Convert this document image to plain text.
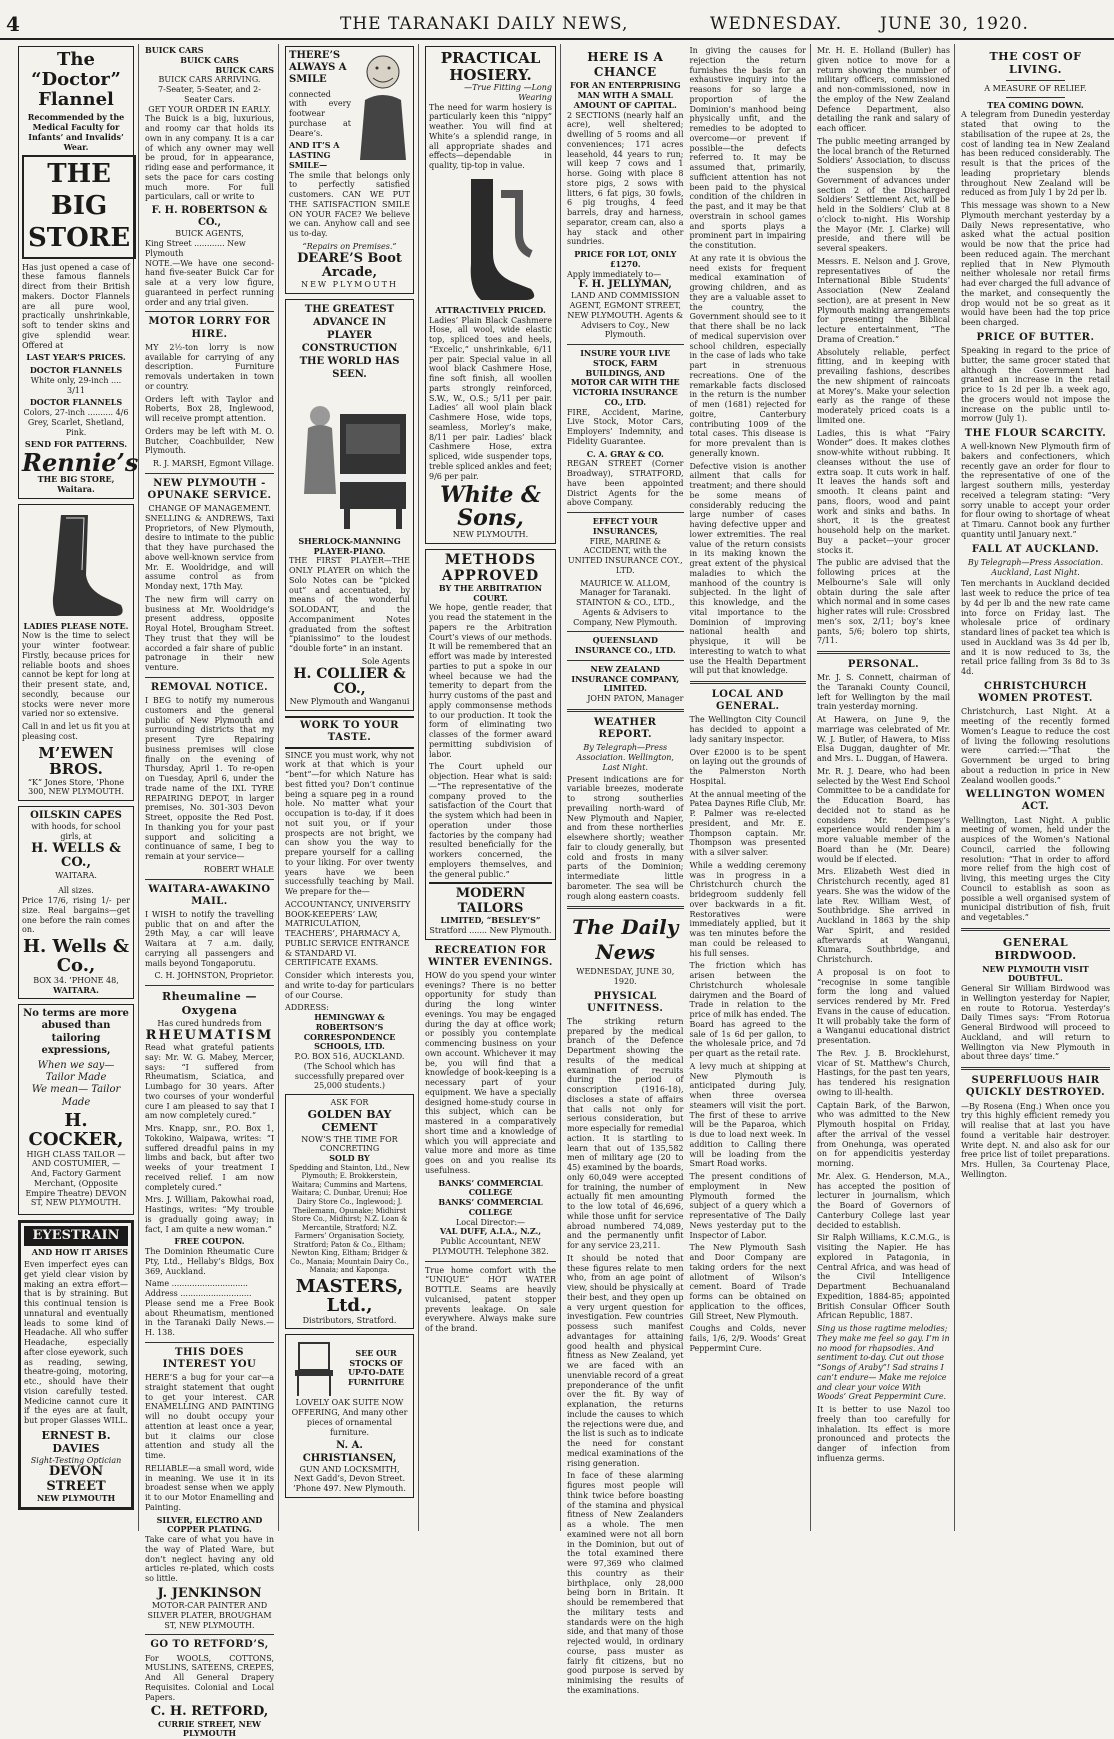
4	THE TARANAKI DAILY NEWS,	WEDNESDAY. JUNE 30, 1920.
The
“Doctor”
Flannel

Recommended by the Medical Faculty for Infants’ and Invalids’ Wear.

THE BIG STORE

Has just opened a case of these famous flannels direct from their British makers. Doctor Flannels are all pure wool, practically unshrinkable, soft to tender skins and give splendid wear. Offered at

LAST YEAR’S PRICES.
DOCTOR FLANNELS
White only, 29-inch .... 3/11
DOCTOR FLANNELS
Colors, 27-inch .......... 4/6
Grey, Scarlet, Shetland, Pink.
SEND FOR PATTERNS.
Rennie’s
THE BIG STORE, Waitara.
LADIES PLEASE NOTE.

Now is the time to select your winter footwear. Firstly, because prices for reliable boots and shoes cannot be kept for long at their present state, and, secondly, because our stocks were never more varied nor so extensive.

Call in and let us fit you at pleasing cost.

M’EWEN BROS.
“K” Jones Store, ’Phone 300, NEW PLYMOUTH.
OILSKIN CAPES
with hoods, for school girls, at
H. WELLS & CO.,
WAITARA.
All sizes.

Price 17/6, rising 1/- per size. Real bargains—get one before the rain comes on.

H. Wells & Co.,
BOX 34. ’PHONE 48,
WAITARA.

No terms are more abused than tailoring expressions,

When we say— Tailor Made
We mean— Tailor Made
H. COCKER,

HIGH CLASS TAILOR — AND COSTUMIER, — And, Factory Garment Merchant, (Opposite Empire Theatre) DEVON ST, NEW PLYMOUTH.

EYESTRAIN
AND HOW IT ARISES

Even imperfect eyes can get yield clear vision by making an extra effort—that is by straining. But this continual tension is unnatural and eventually leads to some kind of Headache. All who suffer Headache, especially after close eyework, such as reading, sewing, theatre-going, motoring, etc., should have their vision carefully tested. Medicine cannot cure it if the eyes are at fault, but proper Glasses WILL.

ERNEST B. DAVIES
Sight-Testing Optician
DEVON STREET
NEW PLYMOUTH
BUICK CARS
BUICK CARS
BUICK CARS
BUICK CARS ARRIVING.
7-Seater, 5-Seater, and 2-Seater Cars.
GET YOUR ORDER IN EARLY.

The Buick is a big, luxurious, and roomy car that holds its own in any company. It is a car of which any owner may well be proud, for in appearance, riding ease and performance, it sets the pace for cars costing much more. For full particulars, call or write to

F. H. ROBERTSON & CO.,
BUICK AGENTS,
King Street ............ New Plymouth

NOTE.—We have one second-hand five-seater Buick Car for sale at a very low figure, guaranteed in perfect running order and any trial given.

MOTOR LORRY FOR HIRE.

MY 2½-ton lorry is now available for carrying of any description. Furniture removals undertaken in town or country.

Orders left with Taylor and Roberts, Box 28, Inglewood, will receive prompt attention.

Orders may be left with M. O. Butcher, Coachbuilder, New Plymouth.

R. J. MARSH, Egmont Village.
NEW PLYMOUTH - OPUNAKE SERVICE.
CHANGE OF MANAGEMENT.

SNELLING & ANDREWS, Taxi Proprietors, of New Plymouth, desire to intimate to the public that they have purchased the above well-known service from Mr. E. Wooldridge, and will assume control as from Monday next, 17th May.

The new firm will carry on business at Mr. Wooldridge’s present address, opposite Royal Hotel, Brougham Street. They trust that they will be accorded a fair share of public patronage in their new venture.

REMOVAL NOTICE.

I BEG to notify my numerous customers and the general public of New Plymouth and surrounding districts that my present Tyre Repairing business premises will close finally on the evening of Thursday, April 1. To re-open on Tuesday, April 6, under the trade name of the IXL TYRE REPAIRING DEPOT, in larger premises, No. 301-303 Devon Street, opposite the Red Post. In thanking you for your past support and soliciting a continuance of same, I beg to remain at your service—

ROBERT WHALE
WAITARA-AWAKINO MAIL.

I WISH to notify the travelling public that on and after the 29th May, a car will leave Waitara at 7 a.m. daily, carrying all passengers and mails beyond Tongaporutu.

C. H. JOHNSTON, Proprietor.
Rheumaline — Oxygena
Has cured hundreds from
RHEUMATISM

Read what grateful patients say: Mr. W. G. Mabey, Mercer, says: “I suffered from Rheumatism, Sciatica, and Lumbago for 30 years. After two courses of your wonderful cure I am pleased to say that I am now completely cured.”

Mrs. Knapp, snr., P.O. Box 1, Tokokino, Waipawa, writes: “I suffered dreadful pains in my limbs and back, but after two weeks of your treatment I received relief. I am now completely cured.”

Mrs. J. William, Pakowhai road, Hastings, writes: “My trouble is gradually going away; in fact, I am quite a new woman.”

FREE COUPON.

The Dominion Rheumatic Cure Pty, Ltd., Hellaby’s Bldgs, Box 369, Auckland.

Name ..............................
Address ............................

Please send me a Free Book about Rheumatism, mentioned in the Taranaki Daily News.—H. 138.

THIS DOES INTEREST YOU

HERE’S a bug for your car—a straight statement that ought to get your interest. CAR ENAMELLING AND PAINTING will no doubt occupy your attention at least once a year, but it claims our close attention and study all the time.

RELIABLE—a small word, wide in meaning. We use it in its broadest sense when we apply it to our Motor Enamelling and Painting.

SILVER, ELECTRO AND COPPER PLATING.

Take care of what you have in the way of Plated Ware, but don’t neglect having any old articles re-plated, which costs so little.

J. JENKINSON

MOTOR-CAR PAINTER AND SILVER PLATER, BROUGHAM ST, NEW PLYMOUTH.

GO TO RETFORD’S,

For WOOLS, COTTONS, MUSLINS, SATEENS, CREPES, And All General Drapery Requisites. Colonial and Local Papers.

C. H. RETFORD,
CURRIE STREET, NEW PLYMOUTH
THERE’S ALWAYS A SMILE

connected with every footwear purchase at Deare’s.

AND IT’S A LASTING SMILE—

The smile that belongs only to perfectly satisfied customers. CAN WE PUT THE SATISFACTION SMILE ON YOUR FACE? We believe we can. Anyhow call and see us to-day.

“Repairs on Premises.”
DEARE’S Boot Arcade,
NEW PLYMOUTH
THE GREATEST ADVANCE IN PLAYER CONSTRUCTION THE WORLD HAS SEEN.
SHERLOCK-MANNING PLAYER-PIANO.

THE FIRST PLAYER—THE ONLY PLAYER on which the Solo Notes can be “picked out” and accentuated, by means of the wonderful SOLODANT, and the Accompaniment Notes graduated from the softest “pianissimo” to the loudest “double forte” in an instant.

Sole Agents
H. COLLIER & CO.,
New Plymouth and Wanganui
WORK TO YOUR TASTE.

SINCE you must work, why not work at that which is your “bent”—for which Nature has best fitted you? Don’t continue being a square peg in a round hole. No matter what your occupation is to-day, if it does not suit you, or if your prospects are not bright, we can show you the way to prepare yourself for a calling to your liking. For over twenty years have we been successfully teaching by Mail. We prepare for the—

ACCOUNTANCY, UNIVERSITY BOOK-KEEPERS’ LAW, MATRICULATION, TEACHERS’, PHARMACY A, PUBLIC SERVICE ENTRANCE & STANDARD VI. CERTIFICATE EXAMS.

Consider which interests you, and write to-day for particulars of our Course.

ADDRESS:
HEMINGWAY & ROBERTSON’S CORRESPONDENCE SCHOOLS, LTD.
P.O. BOX 516, AUCKLAND.

(The School which has successfully prepared over 25,000 students.)

ASK FOR
GOLDEN BAY CEMENT
NOW’S THE TIME FOR CONCRETING
SOLD BY

Spedding and Stainton, Ltd., New Plymouth; E. Brokkerstein, Waitara; Cummins and Martens, Waitara; C. Dunbar, Urenui; Hoe Dairy Store Co., Inglewood; J. Theilemann, Opunake; Midhirst Store Co., Midhirst; N.Z. Loan & Mercantile, Stratford; N.Z. Farmers’ Organisation Society, Stratford; Paton & Co., Eltham; Newton King, Eltham; Bridger & Co., Manaia; Mountain Dairy Co., Manaia; and Kaponga.

MASTERS, Ltd.,
Distributors, Stratford.
SEE OUR STOCKS OF
UP-TO-DATE FURNITURE

LOVELY OAK SUITE NOW OFFERING, And many other pieces of ornamental furniture.

N. A. CHRISTIANSEN,
GUN AND LOCKSMITH, Next Gadd’s, Devon Street.
’Phone 497. New Plymouth.
PRACTICAL HOSIERY.
—True Fitting —Long Wearing

The need for warm hosiery is particularly keen this “nippy” weather. You will find at White’s a splendid range, in all appropriate shades and effects—dependable in quality, tip-top in value.

ATTRACTIVELY PRICED.

Ladies’ Plain Black Cashmere Hose, all wool, wide elastic top, spliced toes and heels, “Excelic,” unshrinkable, 6/11 per pair. Special value in all wool black Cashmere Hose, fine soft finish, all woollen parts strongly reinforced, S.W., W., O.S.; 5/11 per pair. Ladies’ all wool plain black Cashmere Hose, wide tops, seamless, Morley’s make, 8/11 per pair. Ladies’ black Cashmere Hose, extra spliced, wide suspender tops, treble spliced ankles and feet; 9/6 per pair.

White & Sons,
NEW PLYMOUTH.
METHODS APPROVED
BY THE ARBITRATION COURT.

We hope, gentle reader, that you read the statement in the papers re the Arbitration Court’s views of our methods. It will be remembered that an effort was made by interested parties to put a spoke in our wheel because we had the temerity to depart from the hurry customs of the past and apply commonsense methods to our production. It took the form of eliminating two classes of the former award permitting subdivision of labor.

The Court upheld our objection. Hear what is said:—“The representative of the company proved to the satisfaction of the Court that the system which had been in operation under those factories by the company had resulted beneficially for the workers concerned, the employers themselves, and the general public.”

MODERN TAILORS
LIMITED, “BESLEY’S”
Stratford ....... New Plymouth.
RECREATION FOR WINTER EVENINGS.

HOW do you spend your winter evenings? There is no better opportunity for study than during the long winter evenings. You may be engaged during the day at office work; or possibly you contemplate commencing business on your own account. Whichever it may be, you will find that a knowledge of book-keeping is a necessary part of your equipment. We have a specially designed home-study course in this subject, which can be mastered in a comparatively short time and a knowledge of which you will appreciate and value more and more as time goes on and you realise its usefulness.

BANKS’ COMMERCIAL COLLEGE
BANKS’ COMMERCIAL COLLEGE
Local Director:—
VAL DUFF, A.I.A., N.Z.,
Public Accountant, NEW PLYMOUTH. Telephone 382.

True home comfort with the “UNIQUE” HOT WATER BOTTLE. Seams are heavily vulcanised, patent stopper prevents leakage. On sale everywhere. Always make sure of the brand.

HERE IS A CHANCE
FOR AN ENTERPRISING MAN WITH A SMALL AMOUNT OF CAPITAL.

2 SECTIONS (nearly half an acre), well sheltered; dwelling of 5 rooms and all conveniences; 171 acres leasehold, 44 years to run; will keep 7 cows and 1 horse. Going with place 8 store pigs, 2 sows with litters, 6 fat pigs, 30 fowls, 6 pig troughs, 4 feed barrels, dray and harness, separator, cream can, also a hay stack and other sundries.

PRICE FOR LOT, ONLY £1270.
Apply immediately to—
F. H. JELLYMAN,

LAND AND COMMISSION AGENT, EGMONT STREET, NEW PLYMOUTH. Agents & Advisers to Coy., New Plymouth.

INSURE YOUR LIVE STOCK, FARM BUILDINGS, AND MOTOR CAR WITH THE
VICTORIA INSURANCE CO., LTD.

FIRE, Accident, Marine, Live Stock, Motor Cars, Employers’ Indemnity, and Fidelity Guarantee.

C. A. GRAY & CO.

REGAN STREET (Corner Broadway), STRATFORD, have been appointed District Agents for the above Company.

EFFECT YOUR INSURANCES,

FIRE, MARINE & ACCIDENT, with the UNITED INSURANCE COY., LTD.

MAURICE W. ALLOM, Manager for Taranaki.

STAINTON & CO., LTD., Agents & Advisers to Company, New Plymouth.

QUEENSLAND INSURANCE CO., LTD.
NEW ZEALAND INSURANCE COMPANY, LIMITED.
JOHN PATON, Manager
WEATHER REPORT.
By Telegraph—Press Association. Wellington, Last Night.

Present indications are for variable breezes, moderate to strong southerlies prevailing north-ward of New Plymouth and Napier, and from these northerlies elsewhere shortly; weather fair to cloudy generally, but cold and frosts in many parts of the Dominion; intermediate little barometer. The sea will be rough along eastern coasts.

The Daily News
WEDNESDAY, JUNE 30, 1920.
PHYSICAL UNFITNESS.

The striking return prepared by the medical branch of the Defence Department showing the results of the medical examination of recruits during the period of conscription (1916-18), discloses a state of affairs that calls not only for serious consideration, but more especially for remedial action. It is startling to learn that out of 135,582 men of military age (20 to 45) examined by the boards, only 60,049 were accepted for training, the number of actually fit men amounting to the low total of 46,696, while those unfit for service abroad numbered 74,089, and the permanently unfit for any service 23,211.

It should be noted that these figures relate to men who, from an age point of view, should be physically at their best, and they open up a very urgent question for investigation. Few countries possess such manifest advantages for attaining good health and physical fitness as New Zealand, yet we are faced with an unenviable record of a great preponderance of the unfit over the fit. By way of explanation, the returns include the causes to which the rejections were due, and the list is such as to indicate the need for constant medical examinations of the rising generation.

In face of these alarming figures most people will think twice before boasting of the stamina and physical fitness of New Zealanders as a whole. The men examined were not all born in the Dominion, but out of the total examined there were 97,369 who claimed this country as their birthplace, only 28,000 being born in Britain. It should be remembered that the military tests and standards were on the high side, and that many of those rejected would, in ordinary course, pass muster as fairly fit citizens, but no good purpose is served by minimising the results of the examinations.

In giving the causes for rejection the return furnishes the basis for an exhaustive inquiry into the reasons for so large a proportion of the Dominion’s manhood being physically unfit, and the remedies to be adopted to overcome—or prevent if possible—the defects referred to. It may be assumed that, primarily, sufficient attention has not been paid to the physical condition of the children in the past, and it may be that overstrain in school games and sports plays a prominent part in impairing the constitution.

At any rate it is obvious the need exists for frequent medical examination of growing children, and as they are a valuable asset to the country, the Government should see to it that there shall be no lack of medical supervision over school children, especially in the case of lads who take part in strenuous recreations. One of the remarkable facts disclosed in the return is the number of men (1681) rejected for goitre, Canterbury contributing 1009 of the total cases. This disease is for more prevalent than is generally known.

Defective vision is another ailment that calls for treatment; and there should be some means of considerably reducing the large number of cases having defective upper and lower extremities. The real value of the return consists in its making known the great extent of the physical maladies to which the manhood of the country is subjected. In the light of this knowledge, and the vital importance to the Dominion of improving national health and physique, it will be interesting to watch to what use the Health Department will put that knowledge.

LOCAL AND GENERAL.

The Wellington City Council has decided to appoint a lady sanitary inspector.

Over £2000 is to be spent on laying out the grounds of the Palmerston North Hospital.

At the annual meeting of the Patea Daynes Rifle Club, Mr. P. Palmer was re-elected president, and Mr. E. Thompson captain. Mr. Thompson was presented with a silver salver.

While a wedding ceremony was in progress in a Christchurch church the bridegroom suddenly fell over backwards in a fit. Restoratives were immediately applied, but it was ten minutes before the man could be released to his full senses.

The friction which has arisen between the Christchurch wholesale dairymen and the Board of Trade in relation to the price of milk has ended. The Board has agreed to the sale of 1s 6d per gallon, to the wholesale price, and 7d per quart as the retail rate.

A levy much at shipping at New Plymouth is anticipated during July, when three oversea steamers will visit the port. The first of these to arrive will be the Paparoa, which is due to load next week. In addition to Calling there will be loading from the Smart Road works.

The present conditions of employment in New Plymouth formed the subject of a query which a representative of The Daily News yesterday put to the Inspector of Labor.

The New Plymouth Sash and Door Company are taking orders for the next allotment of Wilson’s cement. Board of Trade forms can be obtained on application to the offices, Gill Street, New Plymouth.

Coughs and Colds, never fails, 1/6, 2/9. Woods’ Great Peppermint Cure.

Mr. H. E. Holland (Buller) has given notice to move for a return showing the number of military officers, commissioned and non-commissioned, now in the employ of the New Zealand Defence Department, also detailing the rank and salary of each officer.

The public meeting arranged by the local branch of the Returned Soldiers’ Association, to discuss the suspension by the Government of advances under section 2 of the Discharged Soldiers’ Settlement Act, will be held in the Soldiers’ Club at 8 o’clock to-night. His Worship the Mayor (Mr. J. Clarke) will preside, and there will be several speakers.

Messrs. E. Nelson and J. Grove, representatives of the International Bible Students’ Association (New Zealand section), are at present in New Plymouth making arrangements for presenting the Biblical lecture entertainment, “The Drama of Creation.”

Absolutely reliable, perfect fitting, and in keeping with prevailing fashions, describes the new shipment of raincoats at Morey’s. Make your selection early as the range of these moderately priced coats is a limited one.

Ladies, this is what “Fairy Wonder” does. It makes clothes snow-white without rubbing. It cleanses without the use of extra soap. It cuts work in half. It leaves the hands soft and smooth. It cleans paint and pans, floors, wood and paint work and sinks and baths. In short, it is the greatest household help on the market. Buy a packet—your grocer stocks it.

The public are advised that the following prices at the Melbourne’s Sale will only obtain during the sale after which normal and in some cases higher rates will rule: Crossbred men’s sox, 2/11; boy’s knee pants, 5/6; bolero top shirts, 7/11.

PERSONAL.

Mr. J. S. Connett, chairman of the Taranaki County Council, left for Wellington by the mail train yesterday morning.

At Hawera, on June 9, the marriage was celebrated of Mr. W. J. Butler, of Hawera, to Miss Elsa Duggan, daughter of Mr. and Mrs. L. Duggan, of Hawera.

Mr. R. J. Deare, who had been selected by the West End School Committee to be a candidate for the Education Board, has decided not to stand as he considers Mr. Dempsey’s experience would render him a more valuable member of the Board than he (Mr. Deare) would be if elected.

Mrs. Elizabeth West died in Christchurch recently, aged 81 years. She was the widow of the late Rev. William West, of Southbridge. She arrived in Auckland in 1863 by the ship War Spirit, and resided afterwards at Wanganui, Kumara, Southbridge, and Christchurch.

A proposal is on foot to “recognise in some tangible form the long and valued services rendered by Mr. Fred Evans in the cause of education. It will probably take the form of a Wanganui educational district presentation.

The Rev. J. B. Brocklehurst, vicar of St. Matthew’s Church, Hastings, for the past ten years, has tendered his resignation owing to ill-health.

Captain Bark, of the Barwon, who was admitted to the New Plymouth hospital on Friday, after the arrival of the vessel from Onehunga, was operated on for appendicitis yesterday morning.

Mr. Alex. G. Henderson, M.A., has accepted the position of lecturer in journalism, which the Board of Governors of Canterbury College last year decided to establish.

Sir Ralph Williams, K.C.M.G., is visiting the Napier. He has explored in Patagonia, in Central Africa, and was head of the Civil Intelligence Department Bechuanaland Expedition, 1884-85; appointed British Consular Officer South African Republic, 1887.

Sing us those ragtime melodies; They make me feel so gay. I’m in no mood for rhapsodies. And sentiment to-day. Cut out those “Songs of Araby”! Sad strains I can’t endure— Make me rejoice and clear your voice With Woods’ Great Peppermint Cure.

It is better to use Nazol too freely than too carefully for inhalation. Its effect is more pronounced and protects the danger of infection from influenza germs.

THE COST OF LIVING.
A MEASURE OF RELIEF.
TEA COMING DOWN.

A telegram from Dunedin yesterday stated that owing to the stabilisation of the rupee at 2s, the cost of landing tea in New Zealand has been reduced considerably. The result is that the prices of the leading proprietary blends throughout New Zealand will be reduced as from July 1 by 2d per lb.

This message was shown to a New Plymouth merchant yesterday by a Daily News representative, who asked what the actual position would be now that the price had been reduced again. The merchant replied that in New Plymouth neither wholesale nor retail firms had ever charged the full advance of the market, and consequently the drop would not be so great as it would have been had the top price been charged.

PRICE OF BUTTER.

Speaking in regard to the price of butter, the same grocer stated that although the Government had granted an increase in the retail price to 1s 2d per lb. a week ago, the grocers would not impose the increase on the public until to-morrow (July 1).

THE FLOUR SCARCITY.

A well-known New Plymouth firm of bakers and confectioners, which recently gave an order for flour to the representative of one of the largest southern mills, yesterday received a telegram stating: “Very sorry unable to accept your order for flour owing to shortage of wheat at Timaru. Cannot book any further quantity until January next.”

FALL AT AUCKLAND.
By Telegraph—Press Association. Auckland, Last Night.

Ten merchants in Auckland decided last week to reduce the price of tea by 4d per lb and the new rate came into force on Friday last. The wholesale price of ordinary standard lines of packet tea which is used in Auckland was 3s 4d per lb, and it is now reduced to 3s, the retail price falling from 3s 8d to 3s 4d.

CHRISTCHURCH WOMEN PROTEST.

Christchurch, Last Night. At a meeting of the recently formed Women’s League to reduce the cost of living the following resolutions were carried:—“That the Government be urged to bring about a reduction in price in New Zealand woollen goods.”

WELLINGTON WOMEN ACT.

Wellington, Last Night. A public meeting of women, held under the auspices of the Women’s National Council, carried the following resolution: “That in order to afford more relief from the high cost of living, this meeting urges the City Council to establish as soon as possible a well organised system of municipal distribution of fish, fruit and vegetables.”

GENERAL BIRDWOOD.
NEW PLYMOUTH VISIT DOUBTFUL.

General Sir William Birdwood was in Wellington yesterday for Napier, en route to Rotorua. Yesterday’s Daily Times says: “From Rotorua General Birdwood will proceed to Auckland, and will return to Wellington via New Plymouth in about three days’ time.”

SUPERFLUOUS HAIR QUICKLY DESTROYED.

—By Rosena (Eng.) When once you try this highly efficient remedy you will realise that at last you have found a veritable hair destroyer. Write dept. N. and also ask for our free price list of toilet preparations. Mrs. Hullen, 3a Courtenay Place, Wellington.
